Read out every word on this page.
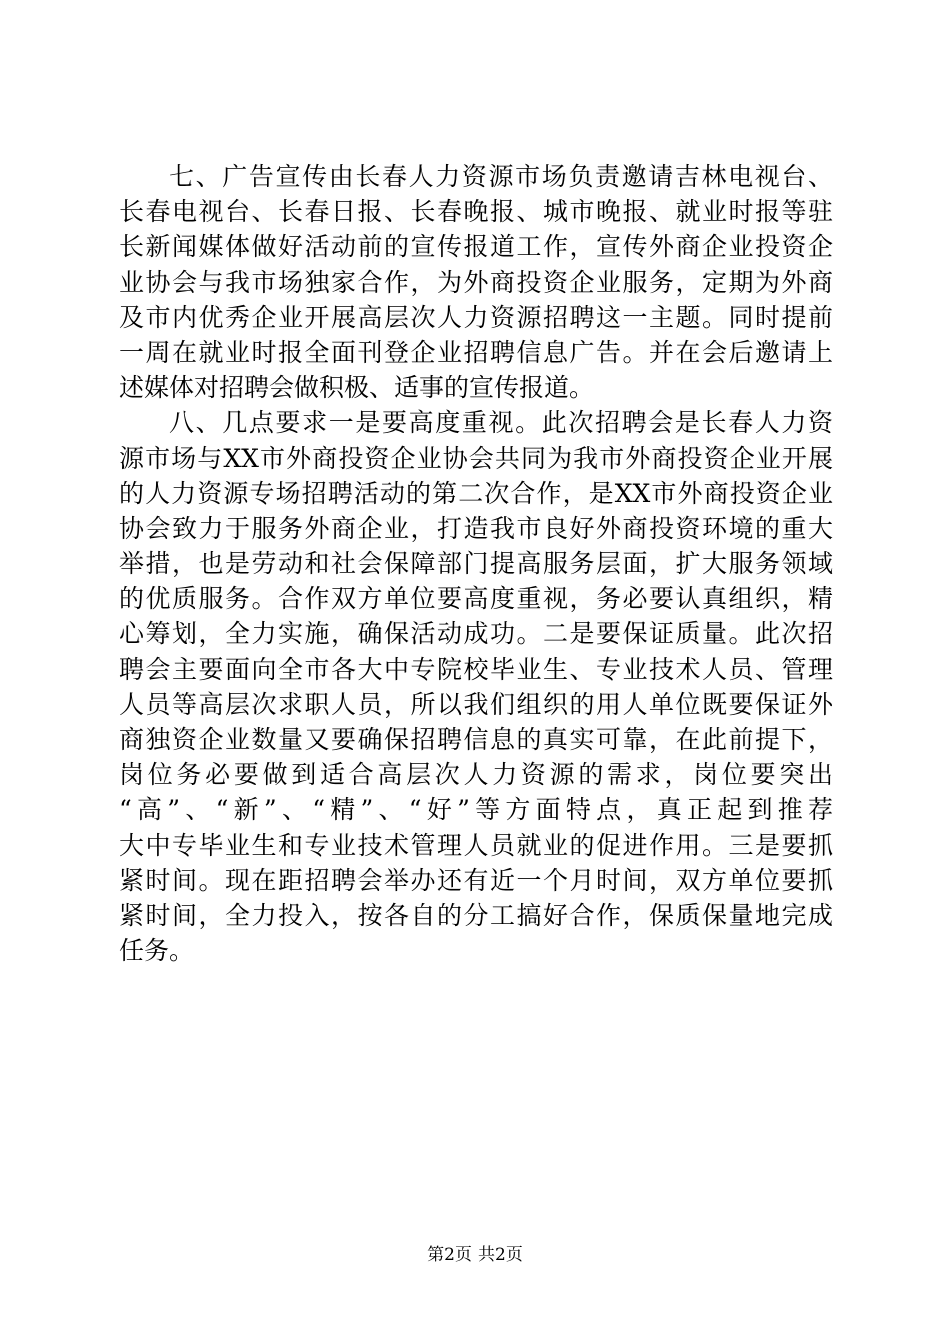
七、广告宣传由长春人力资源市场负责邀请吉林电视台、
长春电视台、长春日报、长春晚报、城市晚报、就业时报等驻
长新闻媒体做好活动前的宣传报道工作，宣传外商企业投资企
业协会与我市场独家合作，为外商投资企业服务，定期为外商
及市内优秀企业开展高层次人力资源招聘这一主题。同时提前
一周在就业时报全面刊登企业招聘信息广告。并在会后邀请上
述媒体对招聘会做积极、适事的宣传报道。
八、几点要求一是要高度重视。此次招聘会是长春人力资
源市场与XX市外商投资企业协会共同为我市外商投资企业开展
的人力资源专场招聘活动的第二次合作，是XX市外商投资企业
协会致力于服务外商企业，打造我市良好外商投资环境的重大
举措，也是劳动和社会保障部门提高服务层面，扩大服务领域
的优质服务。合作双方单位要高度重视，务必要认真组织，精
心筹划，全力实施，确保活动成功。二是要保证质量。此次招
聘会主要面向全市各大中专院校毕业生、专业技术人员、管理
人员等高层次求职人员，所以我们组织的用人单位既要保证外
商独资企业数量又要确保招聘信息的真实可靠，在此前提下，
岗位务必要做到适合高层次人力资源的需求，岗位要突出
“高”、“新”、“精”、“好”等方面特点，真正起到推荐
大中专毕业生和专业技术管理人员就业的促进作用。三是要抓
紧时间。现在距招聘会举办还有近一个月时间，双方单位要抓
紧时间，全力投入，按各自的分工搞好合作，保质保量地完成
任务。
第2页 共2页
